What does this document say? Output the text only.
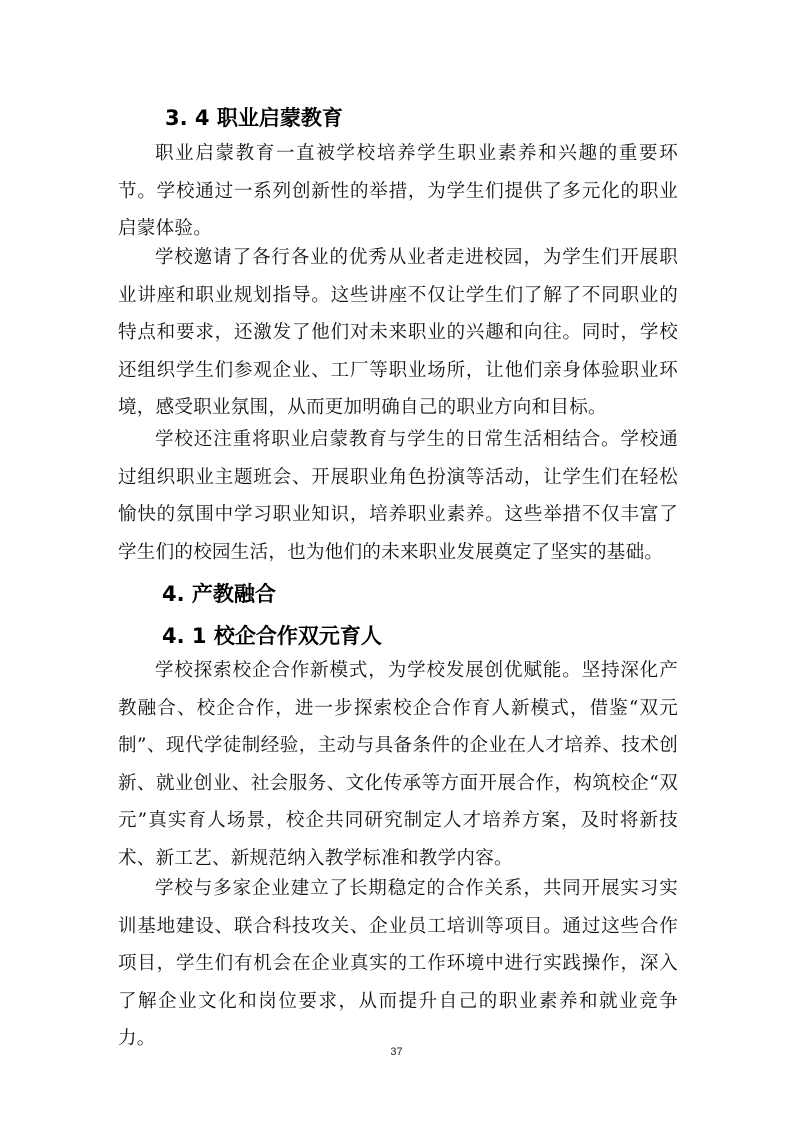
3. 4 职业启蒙教育

职业启蒙教育一直被学校培养学生职业素养和兴趣的重要环节。学校通过一系列创新性的举措，为学生们提供了多元化的职业启蒙体验。

学校邀请了各行各业的优秀从业者走进校园，为学生们开展职业讲座和职业规划指导。这些讲座不仅让学生们了解了不同职业的特点和要求，还激发了他们对未来职业的兴趣和向往。同时，学校还组织学生们参观企业、工厂等职业场所，让他们亲身体验职业环境，感受职业氛围，从而更加明确自己的职业方向和目标。

学校还注重将职业启蒙教育与学生的日常生活相结合。学校通过组织职业主题班会、开展职业角色扮演等活动，让学生们在轻松愉快的氛围中学习职业知识，培养职业素养。这些举措不仅丰富了学生们的校园生活，也为他们的未来职业发展奠定了坚实的基础。

4. 产教融合
4. 1 校企合作双元育人

学校探索校企合作新模式，为学校发展创优赋能。坚持深化产教融合、校企合作，进一步探索校企合作育人新模式，借鉴“双元制”、现代学徒制经验，主动与具备条件的企业在人才培养、技术创新、就业创业、社会服务、文化传承等方面开展合作，构筑校企“双元”真实育人场景，校企共同研究制定人才培养方案，及时将新技术、新工艺、新规范纳入教学标准和教学内容。

学校与多家企业建立了长期稳定的合作关系，共同开展实习实训基地建设、联合科技攻关、企业员工培训等项目。通过这些合作项目，学生们有机会在企业真实的工作环境中进行实践操作，深入了解企业文化和岗位要求，从而提升自己的职业素养和就业竞争力。

37
